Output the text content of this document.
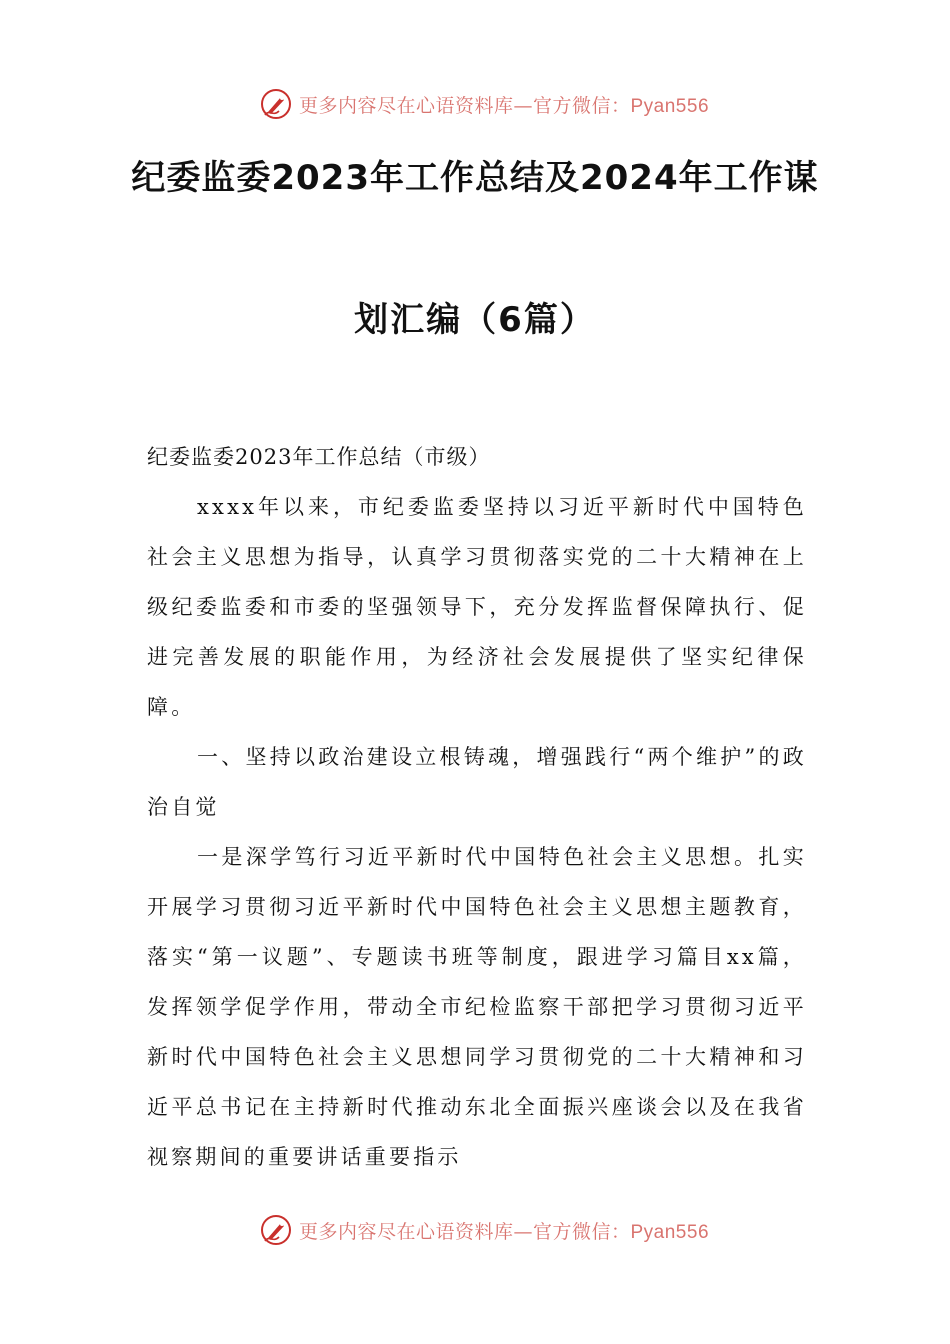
更多内容尽在心语资料库—官方微信：Pyan556
纪委监委2023年工作总结及2024年工作谋
划汇编（6篇）
纪委监委2023年工作总结（市级）

xxxx年以来，市纪委监委坚持以习近平新时代中国特色社会主义思想为指导，认真学习贯彻落实党的二十大精神在上级纪委监委和市委的坚强领导下，充分发挥监督保障执行、促进完善发展的职能作用，为经济社会发展提供了坚实纪律保障。

一、坚持以政治建设立根铸魂，增强践行“两个维护”的政治自觉

一是深学笃行习近平新时代中国特色社会主义思想。扎实开展学习贯彻习近平新时代中国特色社会主义思想主题教育，落实“第一议题”、专题读书班等制度，跟进学习篇目xx篇，发挥领学促学作用，带动全市纪检监察干部把学习贯彻习近平新时代中国特色社会主义思想同学习贯彻党的二十大精神和习近平总书记在主持新时代推动东北全面振兴座谈会以及在我省视察期间的重要讲话重要指示

更多内容尽在心语资料库—官方微信：Pyan556
